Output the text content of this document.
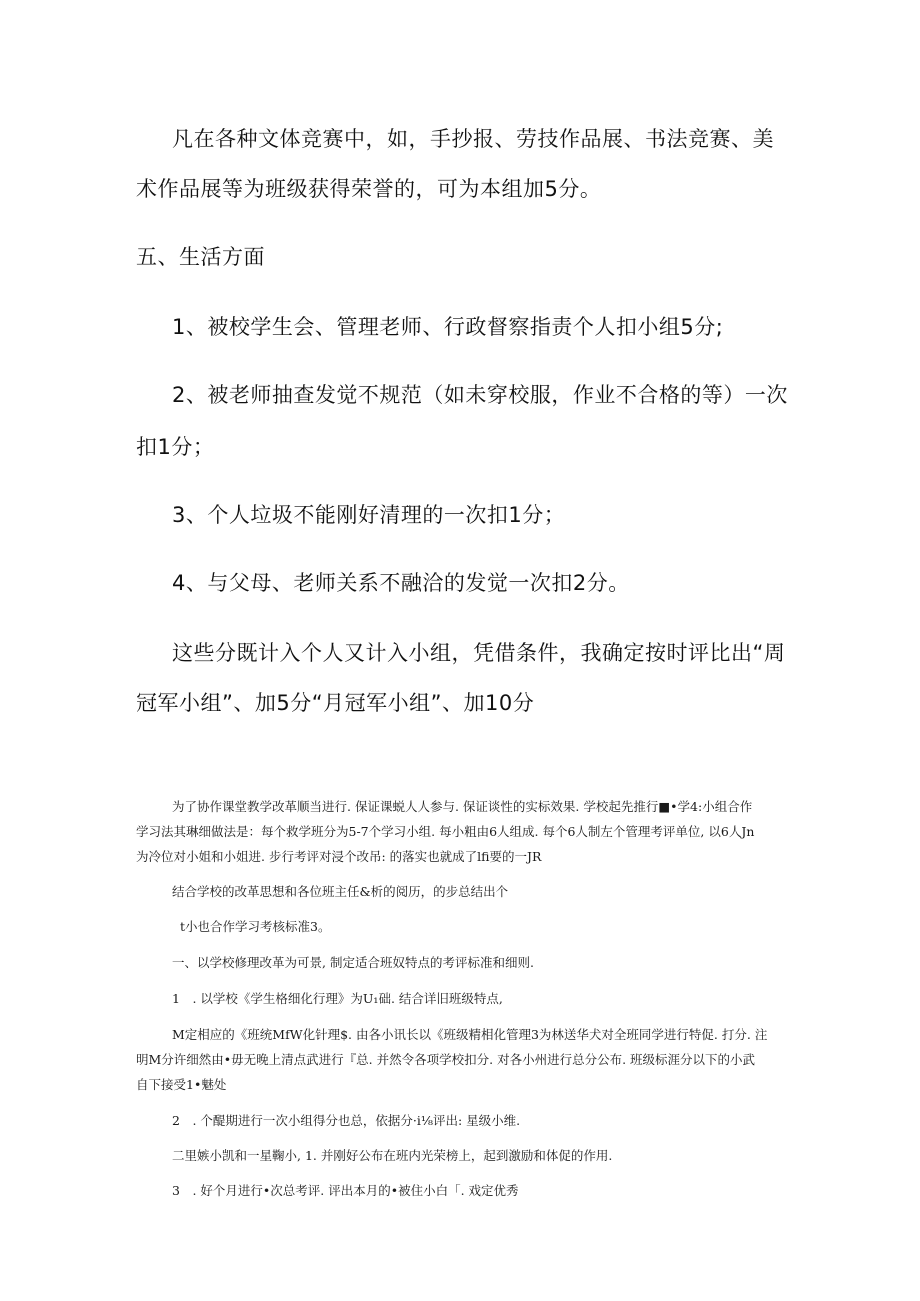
凡在各种文体竞赛中，如，手抄报、劳技作品展、书法竞赛、美
术作品展等为班级获得荣誉的，可为本组加5分。
五、生活方面
1、被校学生会、管理老师、行政督察指责个人扣小组5分;
2、被老师抽查发觉不规范（如未穿校服，作业不合格的等）一次
扣1分；
3、个人垃圾不能刚好清理的一次扣1分；
4、与父母、老师关系不融洽的发觉一次扣2分。
这些分既计入个人又计入小组，凭借条件，我确定按时评比出“周
冠军小组”、加5分“月冠军小组”、加10分
为了协作课堂教学改革顺当进行. 保证课蜕人人参与. 保证谈性的实标效果. 学校起先推行■•学4:小组合作
学习法其琳细做法是：每个救学班分为5-7个学习小组. 每小粗由6人组成. 每个6人制左个管理考评单位, 以6人Jn
为冷位对小姐和小姐进. 步行考评对浸个改吊: 的落实也就成了lfi要的一JR
结合学校的改革思想和各位班主任&析的阅历，的步总结出个
t小也合作学习考核标准3。
一、以学校修理改革为可景, 制定适合班奴特点的考评标准和细则.
1　. 以学校《学生格细化行理》为U₁础. 结合详旧班级特点,
M定相应的《班统MfW化针理$. 由各小讯长以《班级精相化管理3为林送华犬对全班同学进行特促. 打分. 注
明M分许细然由•毋无晚上清点武进行『总. 并然令各项学校扣分. 对各小州进行总分公布. 班级标涯分以下的小武
自下接受1•魅处
2　. 个醍期进行一次小组得分也总，依据分·i⅛评出: 星级小维.
二里嫉小凯和一星鞠小, 1. 并刚好公布在班内光荣榜上，起到激励和体促的作用.
3　. 好个月进行•次总考评. 评出本月的•被住小白「. 戏定优秀
